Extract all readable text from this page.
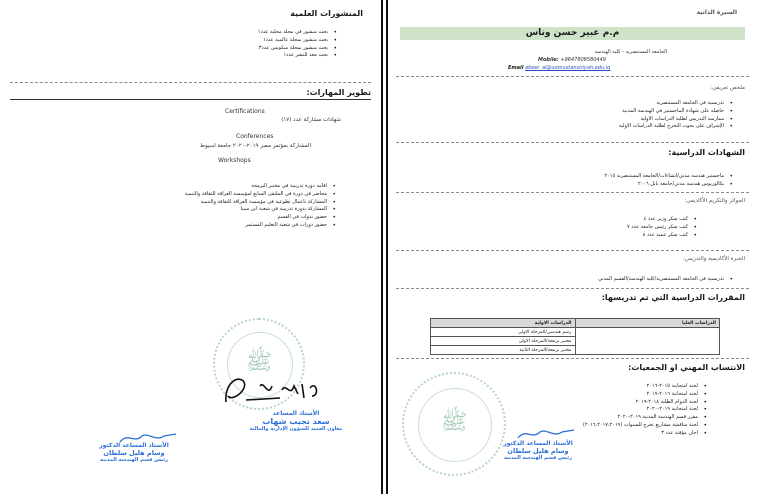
المنشورات العلمية
• بحث منشور في مجلة محلية عدد١
• بحث منشور بمجلة عالمية عدد١
• بحث منشور بمجلة سكوبس عدد٣
• بحث معد للنشر عدد١
تطوير المهارات:
Certifications
شهادات مشاركة عدد (١٧)
Conferences
المشاركة بمؤتمر مصر ٢٠١٩-٢٠٢٠ جامعة اسيوط
Workshops
• اقامة دورة تدريبية في مختبر البرمجة
• محاضر في دورة في الملتقى السابع لمؤسسة العراقة للثقافة والتنمية
• المشاركة باعمال تطوعية في مؤسسة العراقة للثقافة والتنمية
• المشاركة بدورة تدريبية في شعبة ابن سينا
• حضور ندوات في القسم
• حضور دورات في شعبة التعليم المستمر
ﷺ
الأستاذ المساعد
سعد نجيب شهاب
معاون العميد للشؤون الإدارية والمالية
الأستاذ المساعد الدكتور
وسام هليل سلطان
رئيس قسم الهندسة المدنية
السيرة الذاتية
م.م عبير حسن وناس
الجامعة المستنصرية - كلية الهندسة
Mobile: +9647808580449
Email abeer_al@uomustansiriyah.edu.iq
ملخص تعريفي:
• تدريسية في الجامعة المستنصرية
• حاصلة على شهادة الماجستير في الهندسة المدنية
• ممارسة التدريس لطلبة الدراسات الاولية
• الإشراف على بحوث التخرج لطلبة الدراسات الاولية
الشهادات الدراسية:
• ماجستير هندسة مدني/انشاءات/الجامعة المستنصرية ٢٠١٥
• بكالوريوس هندسة مدني/جامعة بابل ٢٠٠٦
الجوائز والتكريم الأكاديمي:
• كتب شكر وزير عدد ٤
• كتب شكر رئيس جامعة عدد ٧
• كتب شكر عميد عدد ٨
الخبرة الأكاديمية والتدريس:
• تدريسية في الجامعة المستنصرية/كلية الهندسة/القسم المدني
المقررات الدراسية التي تم تدريسها:
الدراسات العليا	الدراسات الاولية
	رسم هندسي/المرحلة الاولى
	مختبر برمجة/المرحلة الاولى
	مختبر برمجة/المرحلة الثانية
الانتساب المهني او الجمعيات:
• لجنة امتحانية ٢٠١٥-٢٠١٦
• لجنة امتحانية ٢٠١٦-٢٠١٧
• لجنة الدوام الطلبة ٢٠١٨-٢٠١٩
• لجنة امتحانية ٢٠١٩-٢٠٢٠
• مقرر قسم الهندسة المدنية ٢٠١٩-٢٠٢٠
• لجنة مناقشة مشاريع تخرج للسنوات (٢٠١٦،٢٠١٧،٢٠١٩)
• اجان مؤقتة عدد ٣
ﷺ
الأستاذ المساعد الدكتور
وسام هليل سلطان
رئيس قسم الهندسة المدنية
